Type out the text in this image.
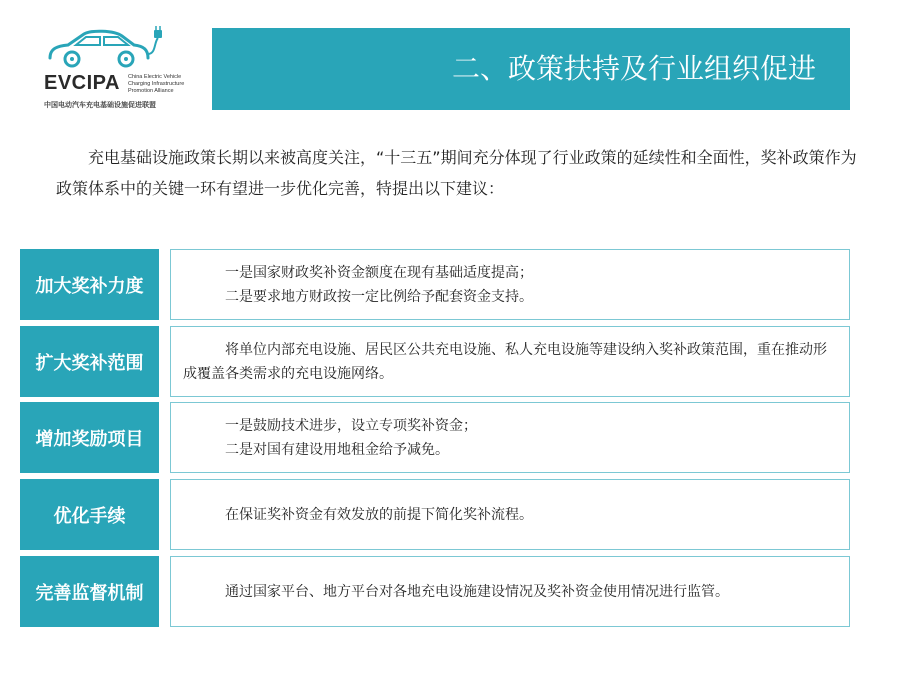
EVCIPA China Electric Vehicle
Charging Infrastructure
Promotion Alliance
中国电动汽车充电基础设施促进联盟
二、政策扶持及行业组织促进

充电基础设施政策长期以来被高度关注，“十三五”期间充分体现了行业政策的延续性和全面性，奖补政策作为政策体系中的关键一环有望进一步优化完善，特提出以下建议：

加大奖补力度

一是国家财政奖补资金额度在现有基础适度提高；

二是要求地方财政按一定比例给予配套资金支持。

扩大奖补范围

将单位内部充电设施、居民区公共充电设施、私人充电设施等建设纳入奖补政策范围，重在推动形成覆盖各类需求的充电设施网络。

增加奖励项目

一是鼓励技术进步，设立专项奖补资金；

二是对国有建设用地租金给予减免。

优化手续	在保证奖补资金有效发放的前提下简化奖补流程。

完善监督机制	通过国家平台、地方平台对各地充电设施建设情况及奖补资金使用情况进行监管。
